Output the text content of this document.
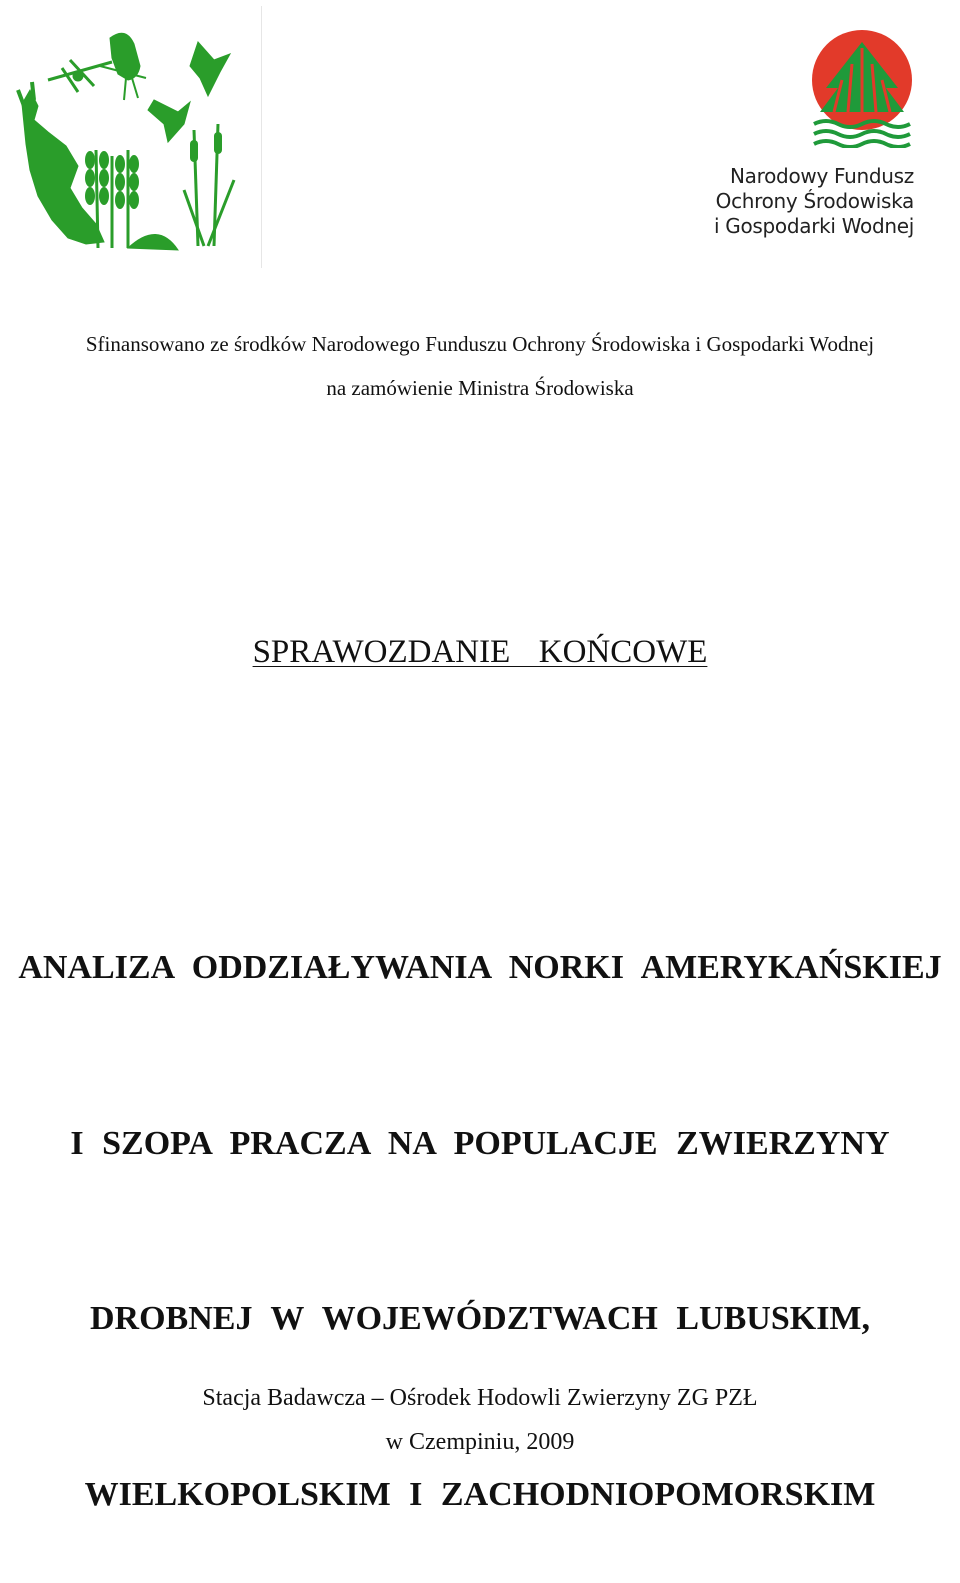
Narodowy Fundusz
Ochrony Środowiska
i Gospodarki Wodnej
Sfinansowano ze środków Narodowego Funduszu Ochrony Środowiska i Gospodarki Wodnej
na zamówienie Ministra Środowiska
SPRAWOZDANIE  KOŃCOWE

ANALIZA ODDZIAŁYWANIA NORKI AMERYKAŃSKIEJ

I SZOPA PRACZA NA POPULACJE ZWIERZYNY

DROBNEJ W WOJEWÓDZTWACH LUBUSKIM,

WIELKOPOLSKIM I ZACHODNIOPOMORSKIM

Stacja Badawcza – Ośrodek Hodowli Zwierzyny ZG PZŁ
w Czempiniu, 2009
